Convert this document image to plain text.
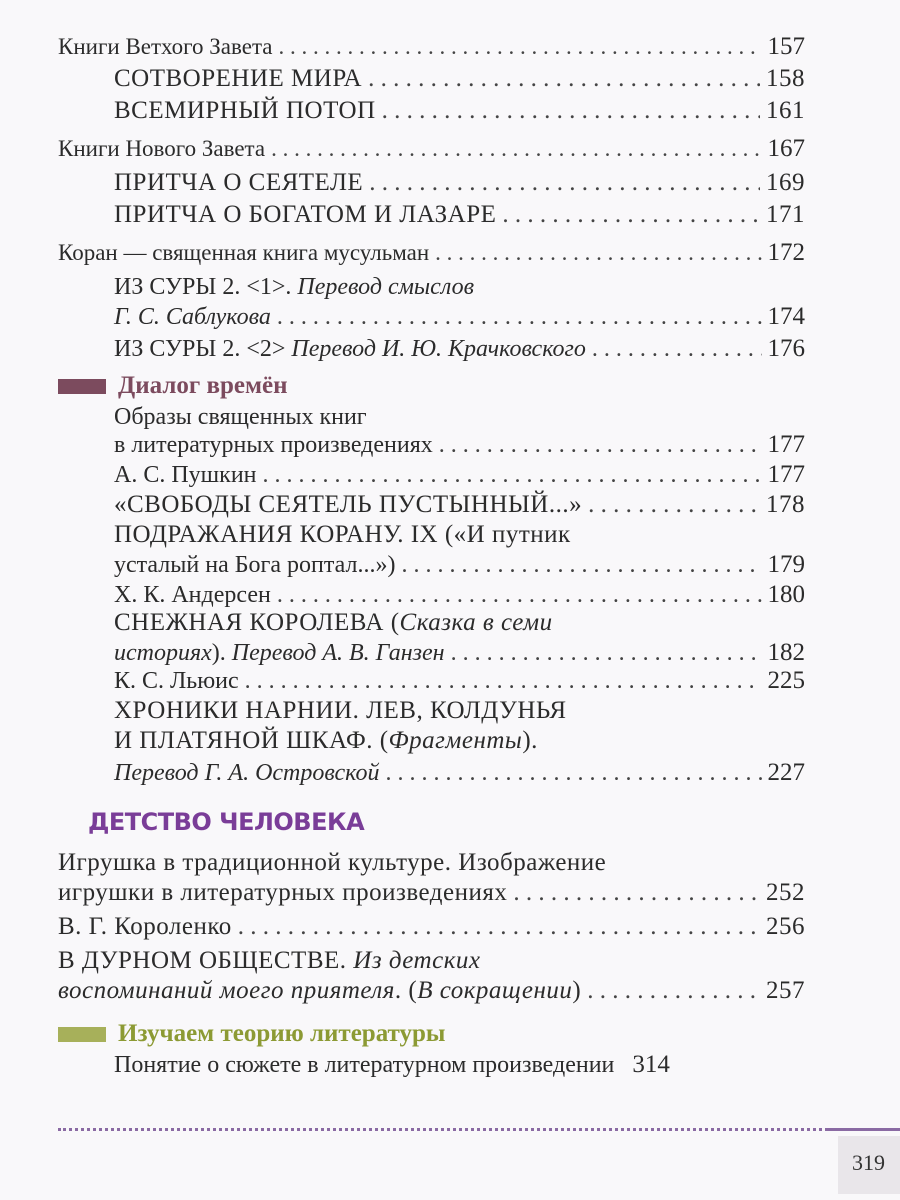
Книги Ветхого Завета . . .	157
СОТВОРЕНИЕ МИРА . . .	158
ВСЕМИРНЫЙ ПОТОП . . .	161
Книги Нового Завета . . .	167
ПРИТЧА О СЕЯТЕЛЕ . . .	169
ПРИТЧА О БОГАТОМ И ЛАЗАРЕ . . .	171
Коран — священная книга мусульман . . .	172
ИЗ СУРЫ 2. <1>. Перевод смыслов
Г. С. Саблукова . . .	174
ИЗ СУРЫ 2. <2> Перевод И. Ю. Крачковского . . .	176
Диалог времён
Образы священных книг
в литературных произведениях . . .	177
А. С. Пушкин . . .	177
«СВОБОДЫ СЕЯТЕЛЬ ПУСТЫННЫЙ...» . . .	178
ПОДРАЖАНИЯ КОРАНУ. IX («И путник
усталый на Бога роптал...») . . .	179
Х. К. Андерсен . . .	180
СНЕЖНАЯ КОРОЛЕВА (Сказка в семи
историях). Перевод А. В. Ганзен . . .	182
К. С. Льюис . . .	225
ХРОНИКИ НАРНИИ. ЛЕВ, КОЛДУНЬЯ
И ПЛАТЯНОЙ ШКАФ. (Фрагменты).
Перевод Г. А. Островской . . .	227
ДЕТСТВО ЧЕЛОВЕКА
Игрушка в традиционной культуре. Изображение
игрушки в литературных произведениях . . .	252
В. Г. Короленко . . .	256
В ДУРНОМ ОБЩЕСТВЕ. Из детских
воспоминаний моего приятеля. (В сокращении) . . .	257
Изучаем теорию литературы
Понятие о сюжете в литературном произведении 314
319
